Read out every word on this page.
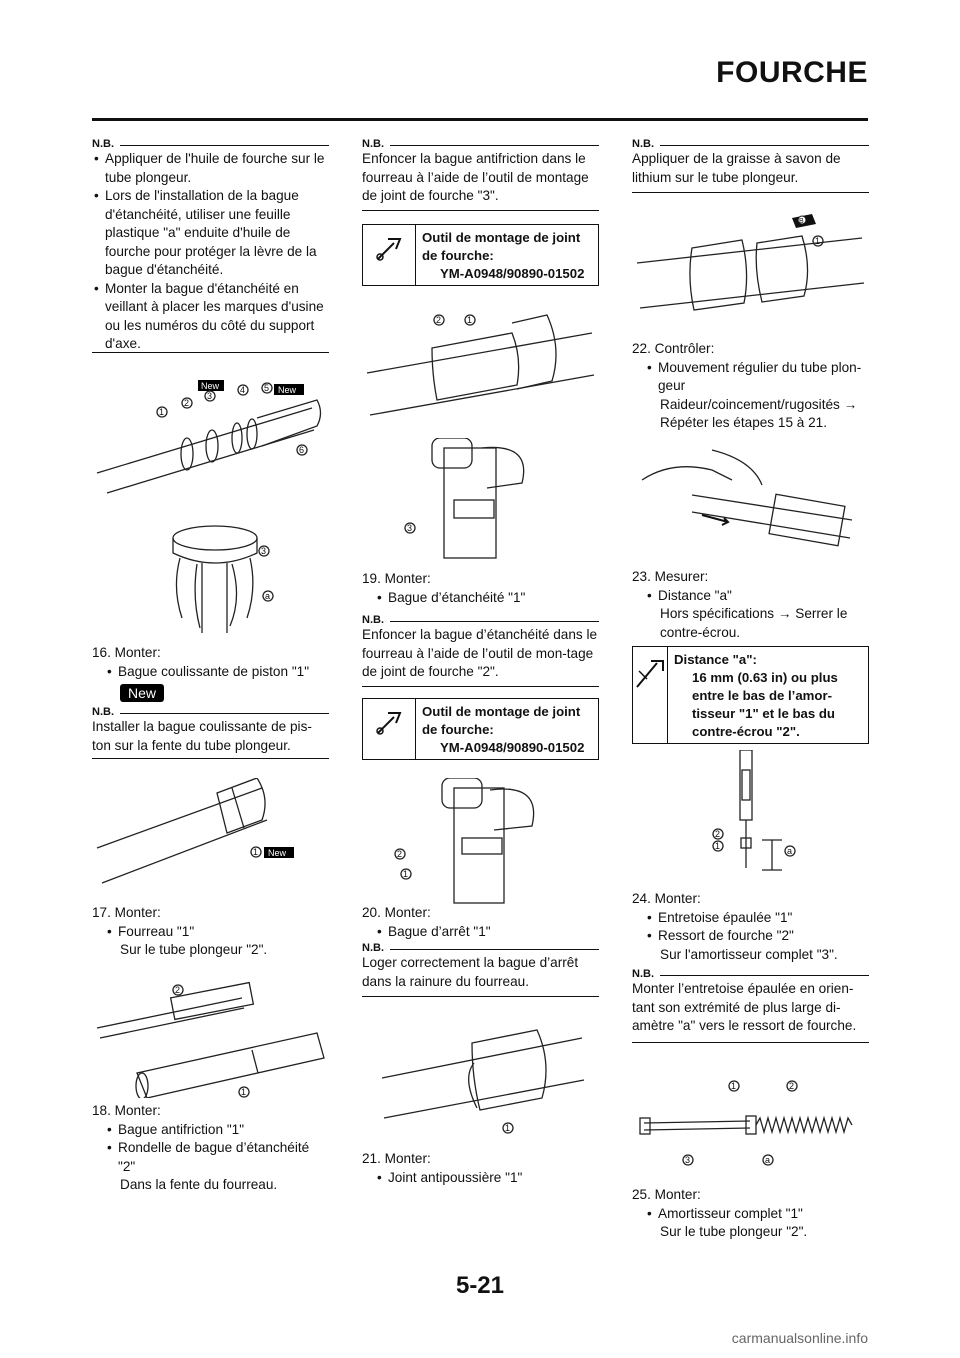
FOURCHE
N.B.
• Appliquer de l'huile de fourche sur le tube plongeur.
• Lors de l'installation de la bague d'étanchéité, utiliser une feuille plastique "a" enduite d'huile de fourche pour protéger la lèvre de la bague d'étanchéité.
• Monter la bague d'étanchéité en veillant à placer les marques d'usine ou les numéros du côté du support d'axe.
New	New
1
2
3
4 5
6
3
a
16. Monter:
• Bague coulissante de piston "1"
New
N.B.
Installer la bague coulissante de pis-ton sur la fente du tube plongeur.
1 New
17. Monter:
• Fourreau "1"
Sur le tube plongeur "2".
2
1
18. Monter:
• Bague antifriction "1"
• Rondelle de bague d’étanchéité "2"
Dans la fente du fourreau.
N.B.
Enfoncer la bague antifriction dans le fourreau à l’aide de l’outil de montage de joint de fourche "3".
Outil de montage de joint
de fourche:
YM-A0948/90890-01502
2	1
3
19. Monter:
• Bague d’étanchéité "1"
N.B.
Enfoncer la bague d’étanchéité dans le fourreau à l’aide de l’outil de mon-tage de joint de fourche "2".
Outil de montage de joint
de fourche:
YM-A0948/90890-01502
2
1
20. Monter:
• Bague d’arrêt "1"
N.B.
Loger correctement la bague d’arrêt dans la rainure du fourreau.
1
21. Monter:
• Joint antipoussière "1"
N.B.
Appliquer de la graisse à savon de lithium sur le tube plongeur.
B
1
22. Contrôler:
• Mouvement régulier du tube plon-geur
Raideur/coincement/rugosités →
Répéter les étapes 15 à 21.
23. Mesurer:
• Distance "a"
Hors spécifications → Serrer le contre-écrou.
Distance "a":
16 mm (0.63 in) ou plus entre le bas de l’amor-tisseur "1" et le bas du contre-écrou "2".
2
1	a
24. Monter:
• Entretoise épaulée "1"
• Ressort de fourche "2"
Sur l'amortisseur complet "3".
N.B.
Monter l’entretoise épaulée en orien-tant son extrémité de plus large di-amètre "a" vers le ressort de fourche.
1	2
3	a
25. Monter:
• Amortisseur complet "1"
Sur le tube plongeur "2".
5-21
carmanualsonline.info
